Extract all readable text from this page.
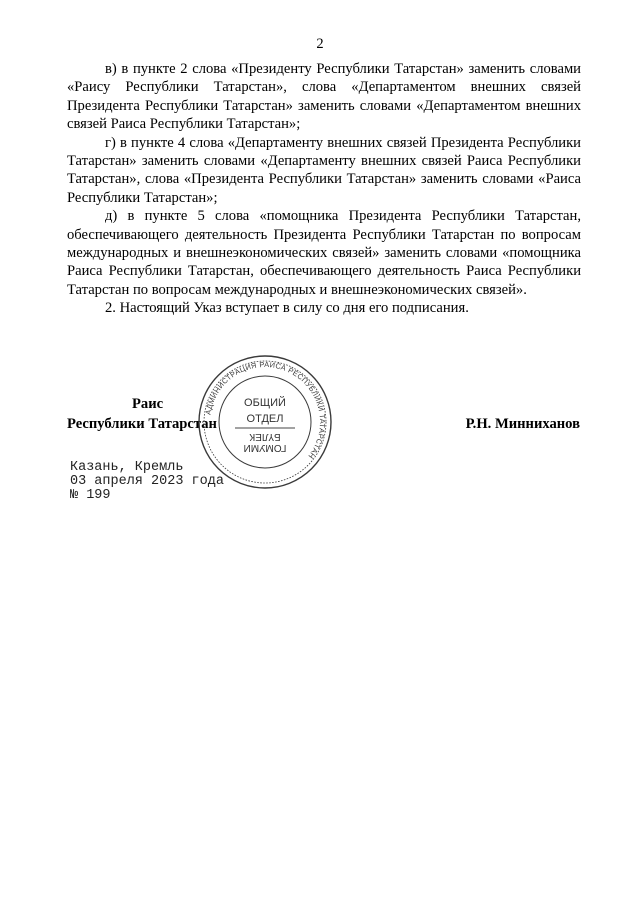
2

в) в пункте 2 слова «Президенту Республики Татарстан» заменить словами «Раису Республики Татарстан», слова «Департаментом внешних связей Президента Республики Татарстан» заменить словами «Департаментом внешних связей Раиса Республики Татарстан»;

г) в пункте 4 слова «Департаменту внешних связей Президента Республики Татарстан» заменить словами «Департаменту внешних связей Раиса Республики Татарстан», слова «Президента Республики Татарстан» заменить словами «Раиса Республики Татарстан»;

д) в пункте 5 слова «помощника Президента Республики Татарстан, обеспечивающего деятельность Президента Республики Татарстан по вопросам международных и внешнеэкономических связей» заменить словами «помощника Раиса Республики Татарстан, обеспечивающего деятельность Раиса Республики Татарстан по вопросам международных и внешнеэкономических связей».

2. Настоящий Указ вступает в силу со дня его подписания.

Раис
Республики Татарстан	Р.Н. Минниханов
АДМИНИСТРАЦИЯ РАИСА РЕСПУБЛИКИ ТАТАРСТАН
ОБЩИЙ
ОТДЕЛ
БҮЛЕК
ГОМУМИ
Казань, Кремль
03 апреля 2023 года
№ 199
